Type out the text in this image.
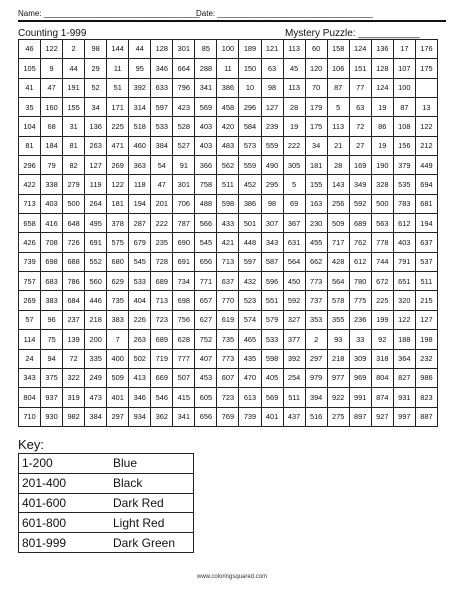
Name: ___________________________________
Date: ___________________________________
Counting 1-999	Mystery Puzzle: ___________
46	122	2	98	144	44	128	301	85	100	189	121	113	60	158	124	136	17	176
105	9	44	29	11	95	346	664	288	11	150	63	45	120	106	151	128	107	175
41	47	191	52	51	392	633	796	341	386	10	98	113	70	87	77	124	100	
35	160	155	34	171	314	597	423	569	458	296	127	28	179	5	63	19	87	13
104	68	31	136	225	518	533	528	403	420	584	239	19	175	113	72	86	108	122
81	184	81	263	471	460	384	527	403	483	573	559	222	34	21	27	19	156	212
296	79	82	127	269	363	54	91	366	562	559	490	305	181	28	169	190	379	449
422	338	279	119	122	118	47	301	758	511	452	295	5	155	143	349	328	535	694
713	403	500	264	181	194	201	706	488	598	386	98	69	163	256	592	500	783	681
658	416	648	495	378	287	222	787	566	433	501	307	367	230	509	689	563	612	194
426	708	726	691	575	679	235	690	545	421	448	343	631	455	717	762	778	403	637
739	698	688	552	680	545	728	691	656	713	597	587	564	662	428	612	744	791	537
757	683	786	560	629	533	689	734	771	637	432	596	450	773	564	780	672	651	511
269	383	684	446	735	404	713	698	657	770	523	551	592	737	578	775	225	320	215
57	96	237	218	383	226	723	756	627	619	574	579	327	353	355	236	199	122	127
114	75	139	200	7	263	689	628	752	735	465	533	377	2	93	33	92	188	198
24	94	72	335	400	502	719	777	407	773	435	598	392	297	218	309	318	364	232
343	375	322	249	509	413	669	507	453	607	470	405	254	979	977	969	804	827	986
804	937	319	473	401	346	546	415	605	723	613	569	511	394	922	991	874	931	823
710	930	982	384	297	934	362	341	656	769	739	401	437	516	275	897	927	997	887
Key:
1-200	Blue
201-400	Black
401-600	Dark Red
601-800	Light Red
801-999	Dark Green
www.coloringsquared.com
